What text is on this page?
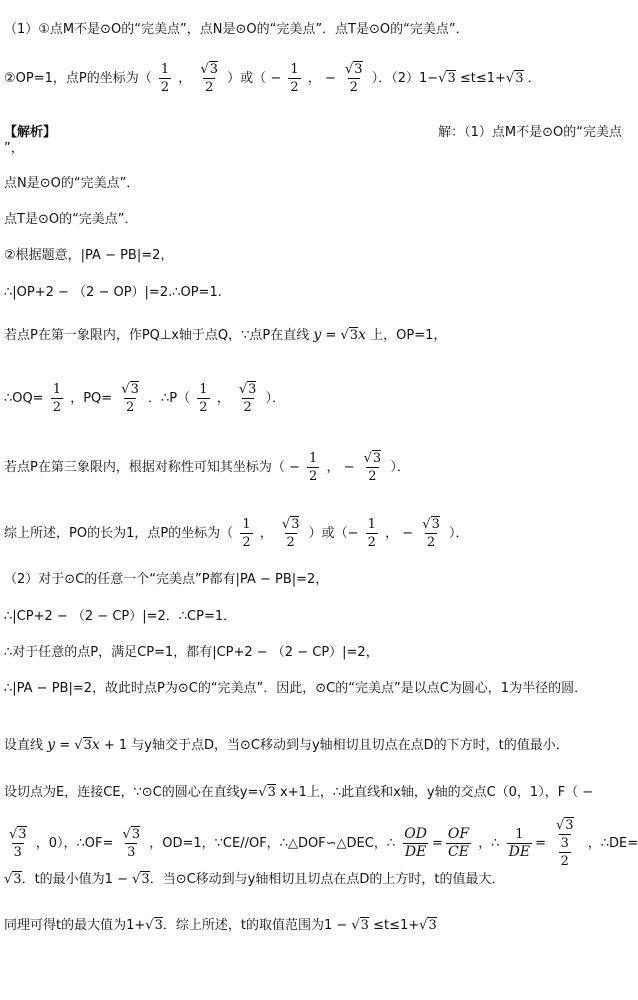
（1）①点M不是⊙O的“完美点”，点N是⊙O的“完美点”．点T是⊙O的“完美点”．
②OP=1，点P的坐标为（ $\frac{1}{2}$ ， $\frac{√3}{2}$ ）或（ − $\frac{1}{2}$ ， − $\frac{√3}{2}$ ）．（2）1−√3 ≤t≤1+√3 ．
【解析】	解：（1）点M不是⊙O的“完美点
”，
点N是⊙O的“完美点”．
点T是⊙O的“完美点”．
②根据题意，|PA − PB|=2，
∴|OP+2 − （2 − OP）|=2.∴OP=1.
若点P在第一象限内，作PQ⊥x轴于点Q，∵点P在直线 y = √3x 上，OP=1，
∴OQ= $\frac{1}{2}$ ，$PQ= \frac{√3}{2}$ ．∴P（ $\frac{1}{2}$ ， $\frac{√3}{2}$ ）．
若点P在第三象限内，根据对称性可知其坐标为（ − $\frac{1}{2}$ ， − $\frac{√3}{2}$ ）．
综上所述，PO的长为1，点P的坐标为（ $\frac{1}{2}$ ， $\frac{√3}{2}$ ）或（− $\frac{1}{2}$ ， − $\frac{√3}{2}$ ）．
（2）对于⊙C的任意一个“完美点”P都有|PA − PB|=2，
∴|CP+2 − （2 − CP）|=2．∴CP=1．
∴对于任意的点P，满足CP=1，都有|CP+2 − （2 − CP）|=2，
∴|PA − PB|=2，故此时点P为⊙C的“完美点”．因此，⊙C的“完美点”是以点C为圆心，1为半径的圆．
设直线 y = √3x + 1 与y轴交于点D，当⊙C移动到与y轴相切且切点在点D的下方时，t的值最小．
设切点为E，连接CE，∵⊙C的圆心在直线y=√3 x+1上，∴此直线和x轴，y轴的交点C（0，1），F（ −
$\frac{√3}{3}$ ，0），∴OF= $\frac{√3}{3}$ ，OD=1，∵CE//OF，∴△DOF∽△DEC，∴ $\frac{OD}{DE} = \frac{OF}{CE}$ ，∴ $\frac{1}{DE} = \frac{\frac{√3}{3}}{2}$ ，∴DE=
√3．t的最小值为1 − √3．当⊙C移动到与y轴相切且切点在点D的上方时，t的值最大．
同理可得t的最大值为1+√3．综上所述，t的取值范围为1 − √3 ≤t≤1+√3
